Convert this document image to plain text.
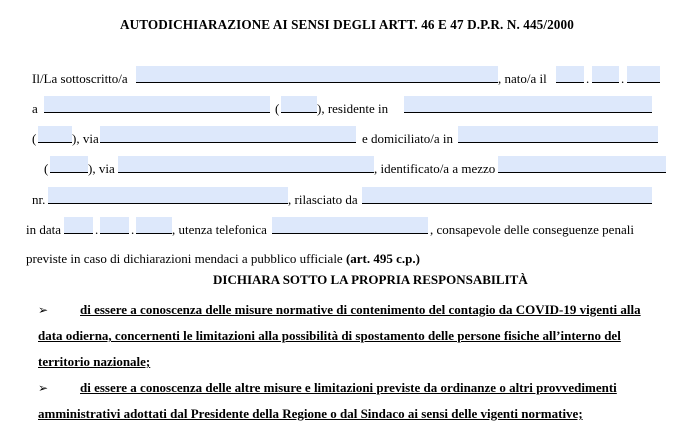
AUTODICHIARAZIONE AI SENSI DEGLI ARTT. 46 E 47 D.P.R. N. 445/2000
Il/La sottoscritto/a	, nato/a il	. .
a	(	), residente in
(	), via	e domiciliato/a in
(	), via	, identificato/a a mezzo
nr.	, rilasciato da
in data	.	.	, utenza telefonica	, consapevole delle conseguenze penali
previste in caso di dichiarazioni mendaci a pubblico ufficiale (art. 495 c.p.)
DICHIARA SOTTO LA PROPRIA RESPONSABILITÀ
➢ di essere a conoscenza delle misure normative di contenimento del contagio da COVID-19 vigenti alla
data odierna, concernenti le limitazioni alla possibilità di spostamento delle persone fisiche all’interno del
territorio nazionale;
➢ di essere a conoscenza delle altre misure e limitazioni previste da ordinanze o altri provvedimenti
amministrativi adottati dal Presidente della Regione o dal Sindaco ai sensi delle vigenti normative;
